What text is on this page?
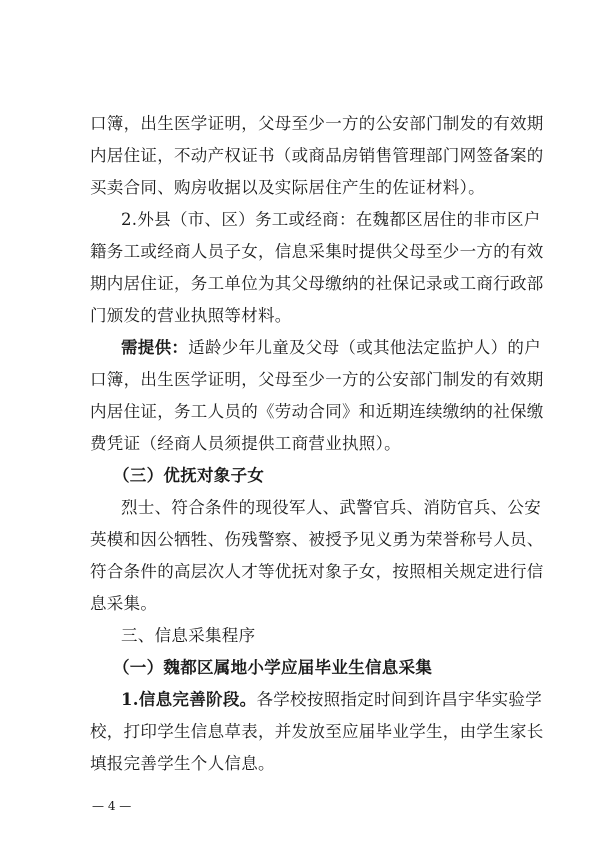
口簿，出生医学证明，父母至少一方的公安部门制发的有效期
内居住证，不动产权证书（或商品房销售管理部门网签备案的
买卖合同、购房收据以及实际居住产生的佐证材料）。
2.外县（市、区）务工或经商：在魏都区居住的非市区户
籍务工或经商人员子女，信息采集时提供父母至少一方的有效
期内居住证，务工单位为其父母缴纳的社保记录或工商行政部
门颁发的营业执照等材料。
需提供：适龄少年儿童及父母（或其他法定监护人）的户
口簿，出生医学证明，父母至少一方的公安部门制发的有效期
内居住证，务工人员的《劳动合同》和近期连续缴纳的社保缴
费凭证（经商人员须提供工商营业执照）。
（三）优抚对象子女
烈士、符合条件的现役军人、武警官兵、消防官兵、公安
英模和因公牺牲、伤残警察、被授予见义勇为荣誉称号人员、
符合条件的高层次人才等优抚对象子女，按照相关规定进行信
息采集。
三、信息采集程序
（一）魏都区属地小学应届毕业生信息采集
1.信息完善阶段。各学校按照指定时间到许昌宇华实验学
校，打印学生信息草表，并发放至应届毕业学生，由学生家长
填报完善学生个人信息。
— 4 —
